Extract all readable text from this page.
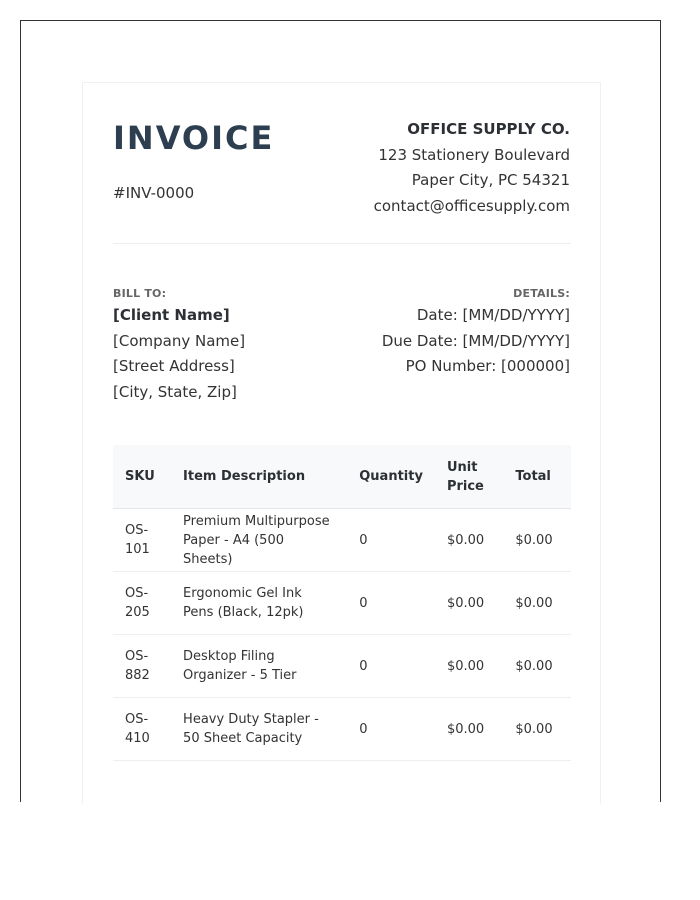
INVOICE
#INV-0000
OFFICE SUPPLY CO.
123 Stationery Boulevard
Paper City, PC 54321
contact@officesupply.com
BILL TO:
[Client Name]
[Company Name]
[Street Address]
[City, State, Zip]
DETAILS:
Date: [MM/DD/YYYY]
Due Date: [MM/DD/YYYY]
PO Number: [000000]
SKU	Item Description	Quantity	Unit Price	Total
OS-101	Premium Multipurpose Paper - A4 (500 Sheets)	0	$0.00	$0.00
OS-205	Ergonomic Gel Ink Pens (Black, 12pk)	0	$0.00	$0.00
OS-882	Desktop Filing Organizer - 5 Tier	0	$0.00	$0.00
OS-410	Heavy Duty Stapler - 50 Sheet Capacity	0	$0.00	$0.00
